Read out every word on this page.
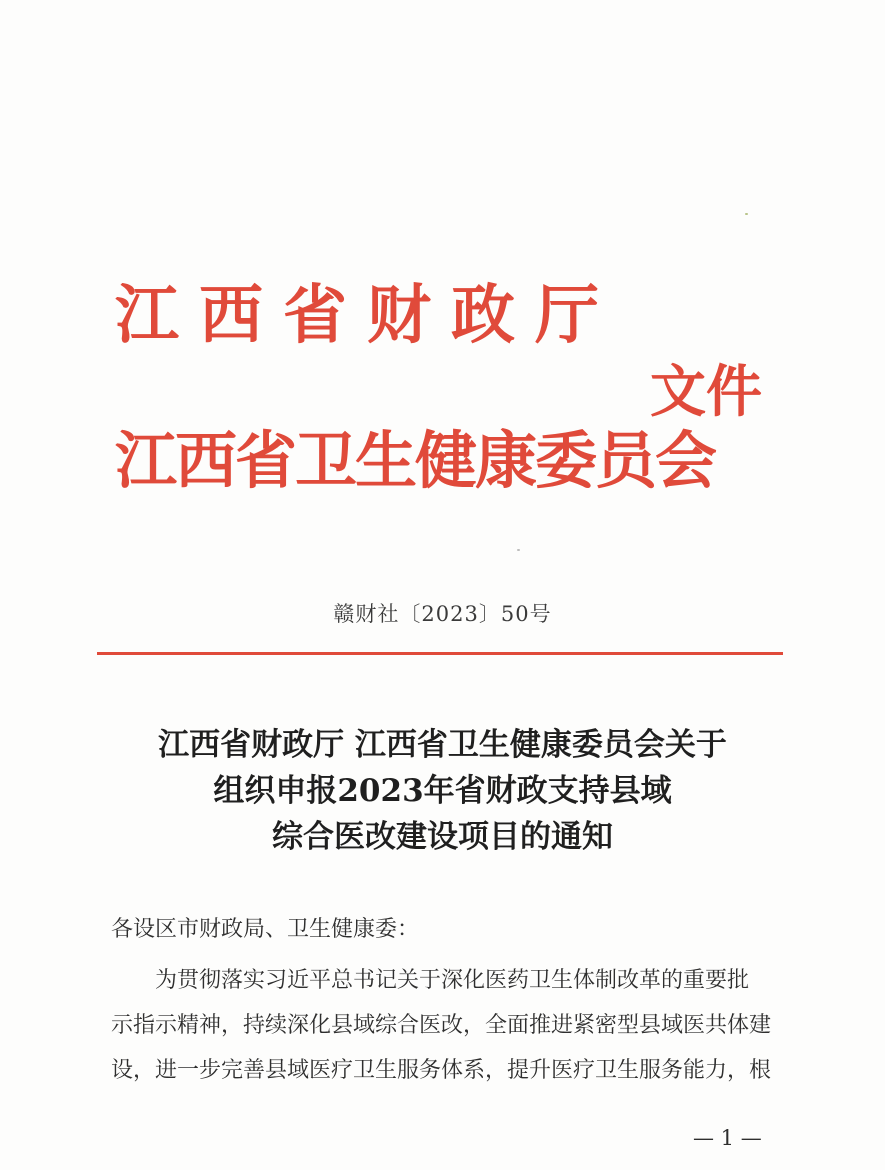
江西省财政厅
江西省卫生健康委员会
文件
赣财社〔2023〕50号
江西省财政厅 江西省卫生健康委员会关于
组织申报2023年省财政支持县域
综合医改建设项目的通知
各设区市财政局、卫生健康委：
为贯彻落实习近平总书记关于深化医药卫生体制改革的重要批
示指示精神，持续深化县域综合医改，全面推进紧密型县域医共体建
设，进一步完善县域医疗卫生服务体系，提升医疗卫生服务能力，根
— 1 —
